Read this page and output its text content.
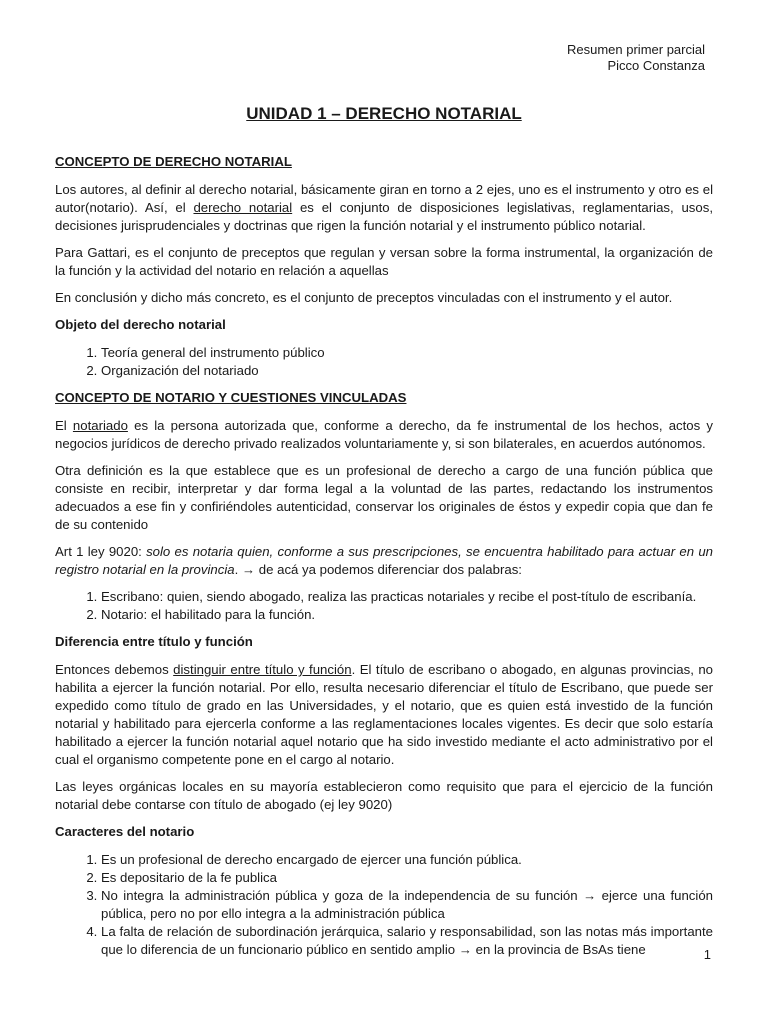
Resumen primer parcial
Picco Constanza
UNIDAD 1 – DERECHO NOTARIAL
CONCEPTO DE DERECHO NOTARIAL

Los autores, al definir al derecho notarial, básicamente giran en torno a 2 ejes, uno es el instrumento y otro es el autor(notario). Así, el derecho notarial es el conjunto de disposiciones legislativas, reglamentarias, usos, decisiones jurisprudenciales y doctrinas que rigen la función notarial y el instrumento público notarial.

Para Gattari, es el conjunto de preceptos que regulan y versan sobre la forma instrumental, la organización de la función y la actividad del notario en relación a aquellas

En conclusión y dicho más concreto, es el conjunto de preceptos vinculadas con el instrumento y el autor.

Objeto del derecho notarial
1. Teoría general del instrumento público
2. Organización del notariado
CONCEPTO DE NOTARIO Y CUESTIONES VINCULADAS

El notariado es la persona autorizada que, conforme a derecho, da fe instrumental de los hechos, actos y negocios jurídicos de derecho privado realizados voluntariamente y, si son bilaterales, en acuerdos autónomos.

Otra definición es la que establece que es un profesional de derecho a cargo de una función pública que consiste en recibir, interpretar y dar forma legal a la voluntad de las partes, redactando los instrumentos adecuados a ese fin y confiriéndoles autenticidad, conservar los originales de éstos y expedir copia que dan fe de su contenido

Art 1 ley 9020: solo es notaria quien, conforme a sus prescripciones, se encuentra habilitado para actuar en un registro notarial en la provincia. → de acá ya podemos diferenciar dos palabras:

1. Escribano: quien, siendo abogado, realiza las practicas notariales y recibe el post-título de escribanía.
2. Notario: el habilitado para la función.
Diferencia entre título y función

Entonces debemos distinguir entre título y función. El título de escribano o abogado, en algunas provincias, no habilita a ejercer la función notarial. Por ello, resulta necesario diferenciar el título de Escribano, que puede ser expedido como título de grado en las Universidades, y el notario, que es quien está investido de la función notarial y habilitado para ejercerla conforme a las reglamentaciones locales vigentes. Es decir que solo estaría habilitado a ejercer la función notarial aquel notario que ha sido investido mediante el acto administrativo por el cual el organismo competente pone en el cargo al notario.

Las leyes orgánicas locales en su mayoría establecieron como requisito que para el ejercicio de la función notarial debe contarse con título de abogado (ej ley 9020)

Caracteres del notario
1. Es un profesional de derecho encargado de ejercer una función pública.
2. Es depositario de la fe publica
3. No integra la administración pública y goza de la independencia de su función → ejerce una función pública, pero no por ello integra a la administración pública
4. La falta de relación de subordinación jerárquica, salario y responsabilidad, son las notas más importante que lo diferencia de un funcionario público en sentido amplio → en la provincia de BsAs tiene	1
